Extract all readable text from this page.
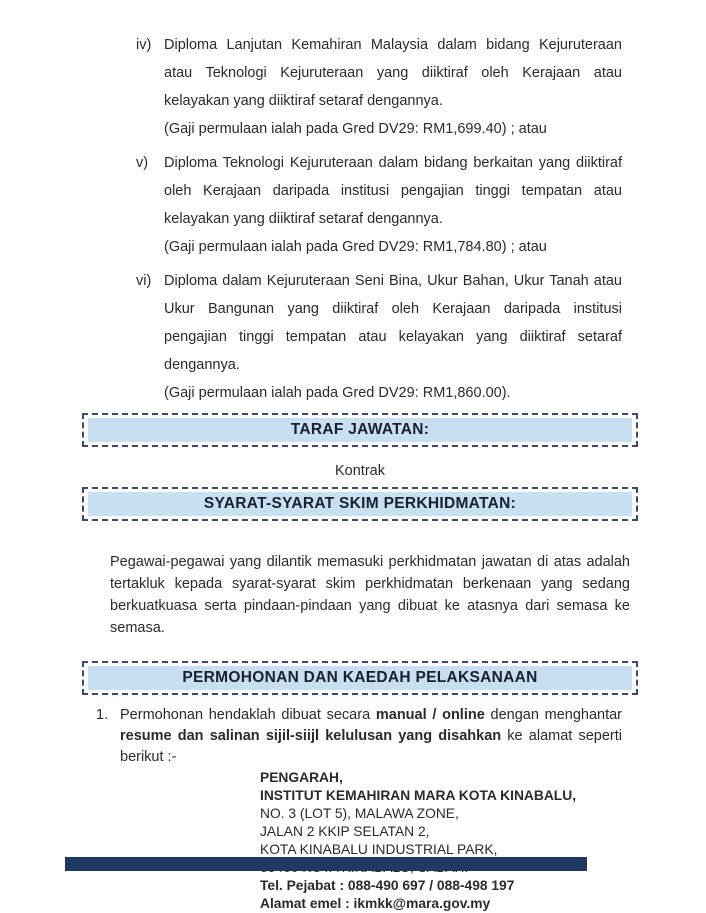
iv) Diploma Lanjutan Kemahiran Malaysia dalam bidang Kejuruteraan atau Teknologi Kejuruteraan yang diiktiraf oleh Kerajaan atau kelayakan yang diiktiraf setaraf dengannya.
(Gaji permulaan ialah pada Gred DV29: RM1,699.40) ; atau
v)	Diploma Teknologi Kejuruteraan dalam bidang berkaitan yang diiktiraf oleh Kerajaan daripada institusi pengajian tinggi tempatan atau kelayakan yang diiktiraf setaraf dengannya.
(Gaji permulaan ialah pada Gred DV29: RM1,784.80) ; atau
vi) Diploma dalam Kejuruteraan Seni Bina, Ukur Bahan, Ukur Tanah atau Ukur Bangunan yang diiktiraf oleh Kerajaan daripada institusi pengajian tinggi tempatan atau kelayakan yang diiktiraf setaraf dengannya.
(Gaji permulaan ialah pada Gred DV29: RM1,860.00).
TARAF JAWATAN:
Kontrak
SYARAT-SYARAT SKIM PERKHIDMATAN:
Pegawai-pegawai yang dilantik memasuki perkhidmatan jawatan di atas adalah tertakluk kepada syarat-syarat skim perkhidmatan berkenaan yang sedang berkuatkuasa serta pindaan-pindaan yang dibuat ke atasnya dari semasa ke semasa.
PERMOHONAN DAN KAEDAH PELAKSANAAN
1. Permohonan hendaklah dibuat secara manual / online dengan menghantar resume dan salinan sijil-siijl kelulusan yang disahkan ke alamat seperti berikut :-
PENGARAH,
INSTITUT KEMAHIRAN MARA KOTA KINABALU,
NO. 3 (LOT 5), MALAWA ZONE,
JALAN 2 KKIP SELATAN 2,
KOTA KINABALU INDUSTRIAL PARK,
Tel. Pejabat : 088-490 697 / 088-498 197
Alamat emel : ikmkk@mara.gov.my
